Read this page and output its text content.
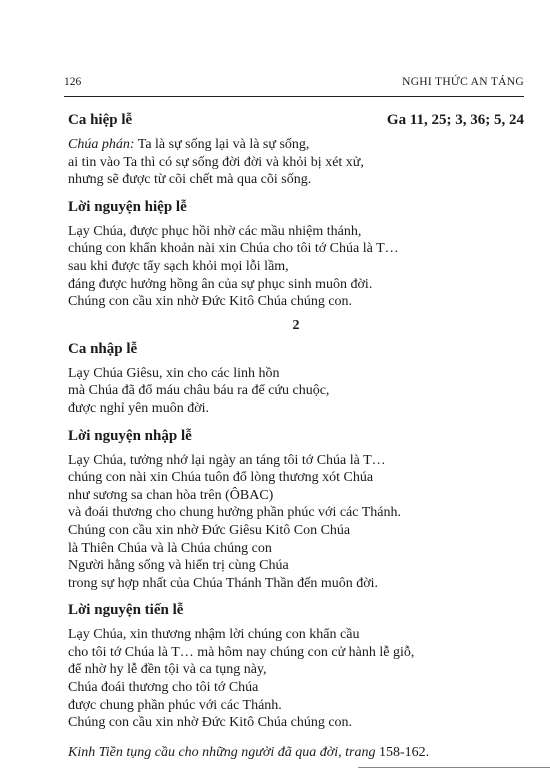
126	NGHI THỨC AN TÁNG
Ca hiệp lễ	Ga 11, 25; 3, 36; 5, 24

Chúa phán: Ta là sự sống lại và là sự sống,

ai tin vào Ta thì có sự sống đời đời và khỏi bị xét xử,

nhưng sẽ được từ cõi chết mà qua cõi sống.

Lời nguyện hiệp lễ

Lạy Chúa, được phục hồi nhờ các mầu nhiệm thánh,

chúng con khẩn khoản nài xin Chúa cho tôi tớ Chúa là T…

sau khi được tẩy sạch khỏi mọi lỗi lầm,

đáng được hưởng hồng ân của sự phục sinh muôn đời.

Chúng con cầu xin nhờ Đức Kitô Chúa chúng con.

2
Ca nhập lễ

Lạy Chúa Giêsu, xin cho các linh hồn

mà Chúa đã đổ máu châu báu ra để cứu chuộc,

được nghỉ yên muôn đời.

Lời nguyện nhập lễ

Lạy Chúa, tưởng nhớ lại ngày an táng tôi tớ Chúa là T…

chúng con nài xin Chúa tuôn đổ lòng thương xót Chúa

như sương sa chan hòa trên (ÔBAC)

và đoái thương cho chung hưởng phần phúc với các Thánh.

Chúng con cầu xin nhờ Đức Giêsu Kitô Con Chúa

là Thiên Chúa và là Chúa chúng con

Người hằng sống và hiển trị cùng Chúa

trong sự hợp nhất của Chúa Thánh Thần đến muôn đời.

Lời nguyện tiến lễ

Lạy Chúa, xin thương nhậm lời chúng con khẩn cầu

cho tôi tớ Chúa là T… mà hôm nay chúng con cử hành lễ giỗ,

để nhờ hy lễ đền tội và ca tụng này,

Chúa đoái thương cho tôi tớ Chúa

được chung phần phúc với các Thánh.

Chúng con cầu xin nhờ Đức Kitô Chúa chúng con.

Kinh Tiền tụng cầu cho những người đã qua đời, trang 158-162.
